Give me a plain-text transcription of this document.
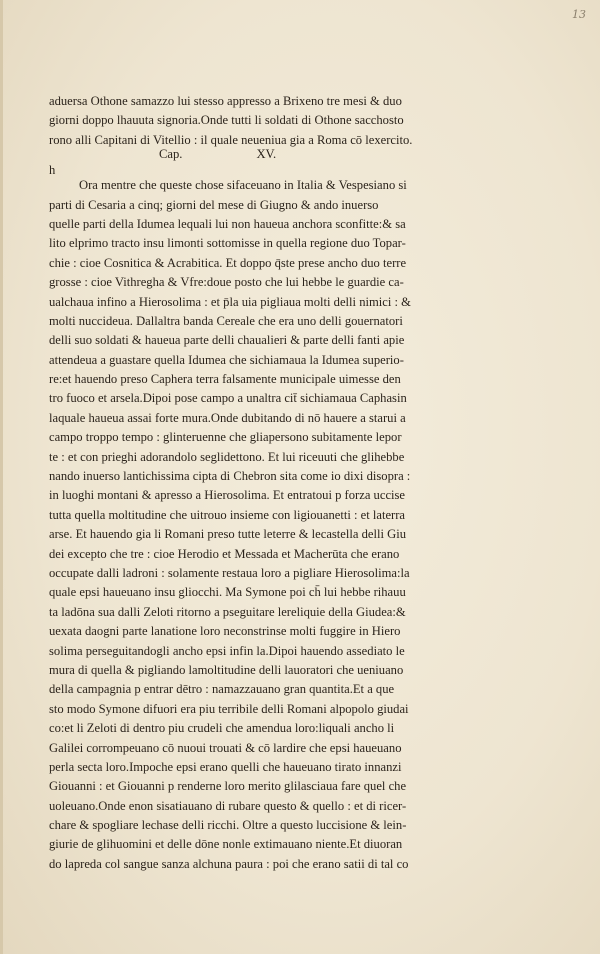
13
Cap.	XV.
h
aduersa Othone samazzo lui stesso appresso a Brixeno tre mesi & duo
giorni doppo lhauuta signoria.Onde tutti li soldati di Othone sacchosto
rono alli Capitani di Vitellio : il quale neueniua gia a Roma cō lexercito.
Ora mentre che queste chose sifaceuano in Italia & Vespesiano si
parti di Cesaria a cinq; giorni del mese di Giugno & ando inuerso
quelle parti della Idumea lequali lui non haueua anchora sconfitte:& sa
lito elprimo tracto insu limonti sottomisse in quella regione duo Topar-
chie : cioe Cosnitica & Acrabitica. Et doppo q̄ste prese ancho duo terre
grosse : cioe Vithregha & Vfre:doue posto che lui hebbe le guardie ca-
ualchaua infino a Hierosolima : et p̄la uia pigliaua molti delli nimici : &
molti nuccideua. Dallaltra banda Cereale che era uno delli gouernatori
delli suo soldati & haueua parte delli chaualieri & parte delli fanti apie
attendeua a guastare quella Idumea che sichiamaua la Idumea superio-
re:et hauendo preso Caphera terra falsamente municipale uimesse den
tro fuoco et arsela.Dipoi pose campo a unaltra cit̄ sichiamaua Caphasin
laquale haueua assai forte mura.Onde dubitando di nō hauere a starui a
campo troppo tempo : glinteruenne che gliapersono subitamente lepor
te : et con prieghi adorandolo seglidettono. Et lui riceuuti che glihebbe
nando inuerso lantichissima cipta di Chebron sita come io dixi disopra :
in luoghi montani & apresso a Hierosolima. Et entratoui p forza uccise
tutta quella moltitudine che uitrouo insieme con ligiouanetti : et laterra
arse. Et hauendo gia li Romani preso tutte leterre & lecastella delli Giu
dei excepto che tre : cioe Herodio et Messada et Macherūta che erano
occupate dalli ladroni : solamente restaua loro a pigliare Hierosolima:la
quale epsi haueuano insu gliocchi. Ma Symone poi ch̄ lui hebbe rihauu
ta ladōna sua dalli Zeloti ritorno a pseguitare lereliquie della Giudea:&
uexata daogni parte lanatione loro neconstrinse molti fuggire in Hiero
solima perseguitandogli ancho epsi infin la.Dipoi hauendo assediato le
mura di quella & pigliando lamoltitudine delli lauoratori che ueniuano
della campagnia p entrar dētro : namazzauano gran quantita.Et a que
sto modo Symone difuori era piu terribile delli Romani alpopolo giudai
co:et li Zeloti di dentro piu crudeli che amendua loro:liquali ancho li
Galilei corrompeuano cō nuoui trouati & cō lardire che epsi haueuano
perla secta loro.Impoche epsi erano quelli che haueuano tirato innanzi
Giouanni : et Giouanni p renderne loro merito glilasciaua fare quel che
uoleuano.Onde enon sisatiauano di rubare questo & quello : et di ricer-
chare & spogliare lechase delli ricchi. Oltre a questo luccisione & lein-
giurie de glihuomini et delle dōne nonle extimauano niente.Et diuoran
do lapreda col sangue sanza alchuna paura : poi che erano satii di tal co
